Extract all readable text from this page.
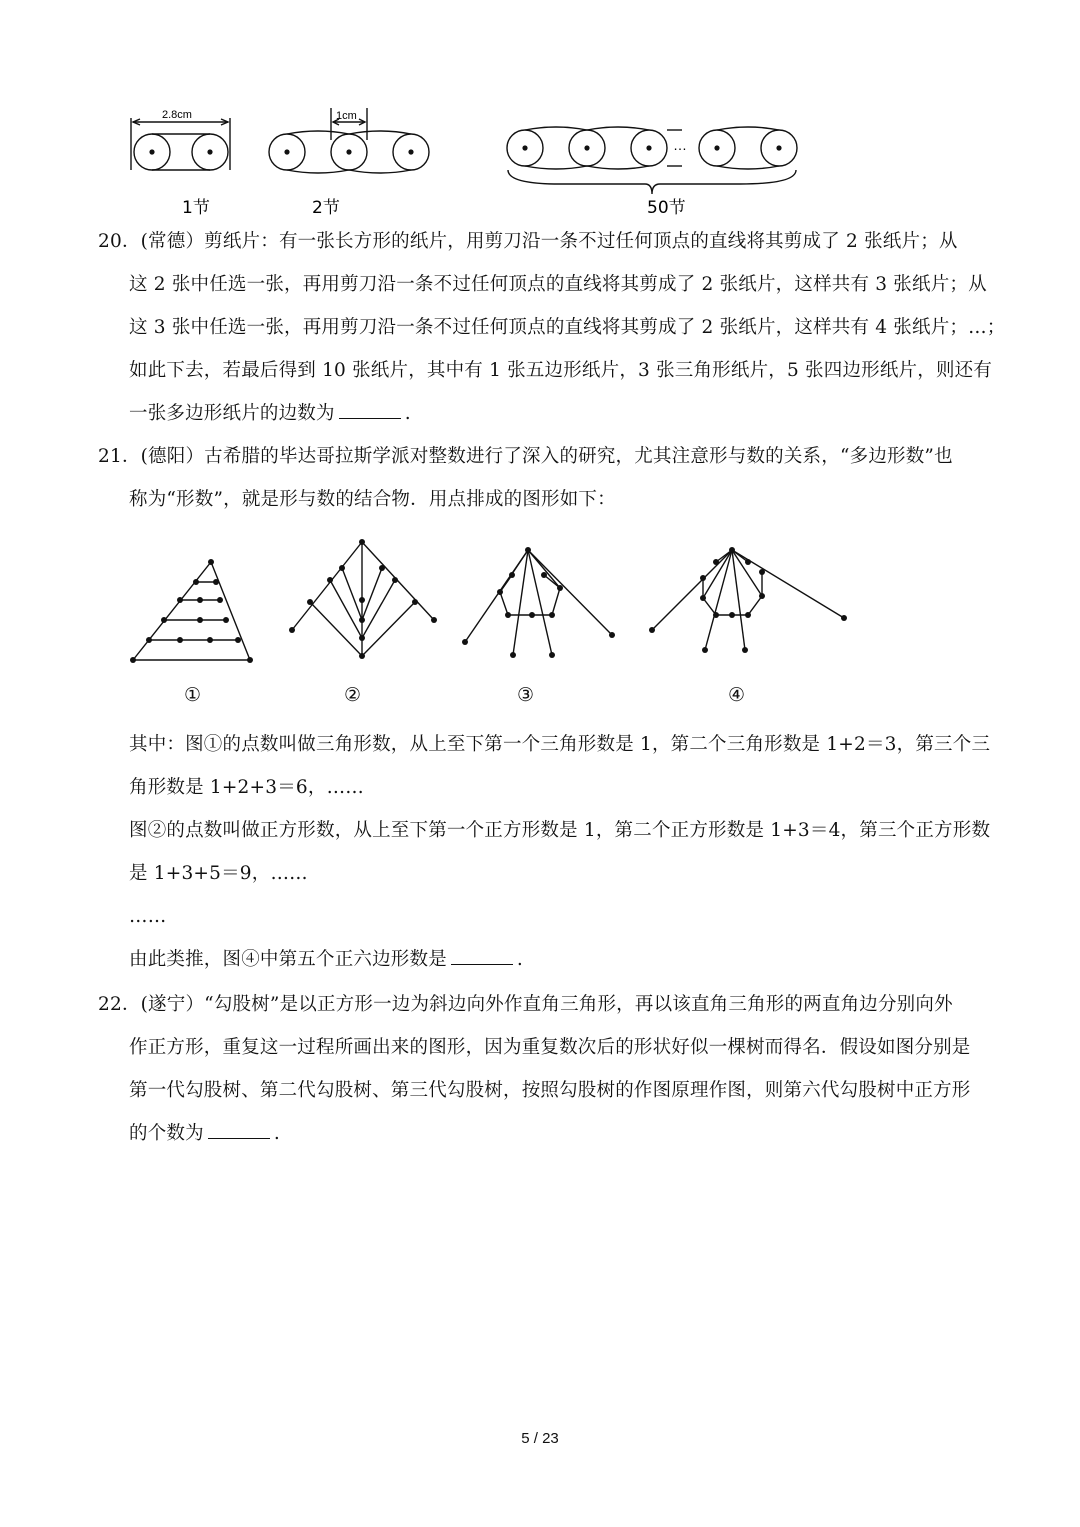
2.8cm	1cm
…
1节	2节	50节
20．(常德）剪纸片：有一张长方形的纸片，用剪刀沿一条不过任何顶点的直线将其剪成了 2 张纸片；从
这 2 张中任选一张，再用剪刀沿一条不过任何顶点的直线将其剪成了 2 张纸片，这样共有 3 张纸片；从
这 3 张中任选一张，再用剪刀沿一条不过任何顶点的直线将其剪成了 2 张纸片，这样共有 4 张纸片；…；
如此下去，若最后得到 10 张纸片，其中有 1 张五边形纸片，3 张三角形纸片，5 张四边形纸片，则还有
一张多边形纸片的边数为	.
21．(德阳）古希腊的毕达哥拉斯学派对整数进行了深入的研究，尤其注意形与数的关系，“多边形数”也
称为“形数”，就是形与数的结合物．用点排成的图形如下：
①	②	③	④
其中：图①的点数叫做三角形数，从上至下第一个三角形数是 1，第二个三角形数是 1+2＝3，第三个三
角形数是 1+2+3＝6，……
图②的点数叫做正方形数，从上至下第一个正方形数是 1，第二个正方形数是 1+3＝4，第三个正方形数
是 1+3+5＝9，……
……
由此类推，图④中第五个正六边形数是	.
22．(遂宁）“勾股树”是以正方形一边为斜边向外作直角三角形，再以该直角三角形的两直角边分别向外
作正方形，重复这一过程所画出来的图形，因为重复数次后的形状好似一棵树而得名．假设如图分别是
第一代勾股树、第二代勾股树、第三代勾股树，按照勾股树的作图原理作图，则第六代勾股树中正方形
的个数为	.
5 / 23
